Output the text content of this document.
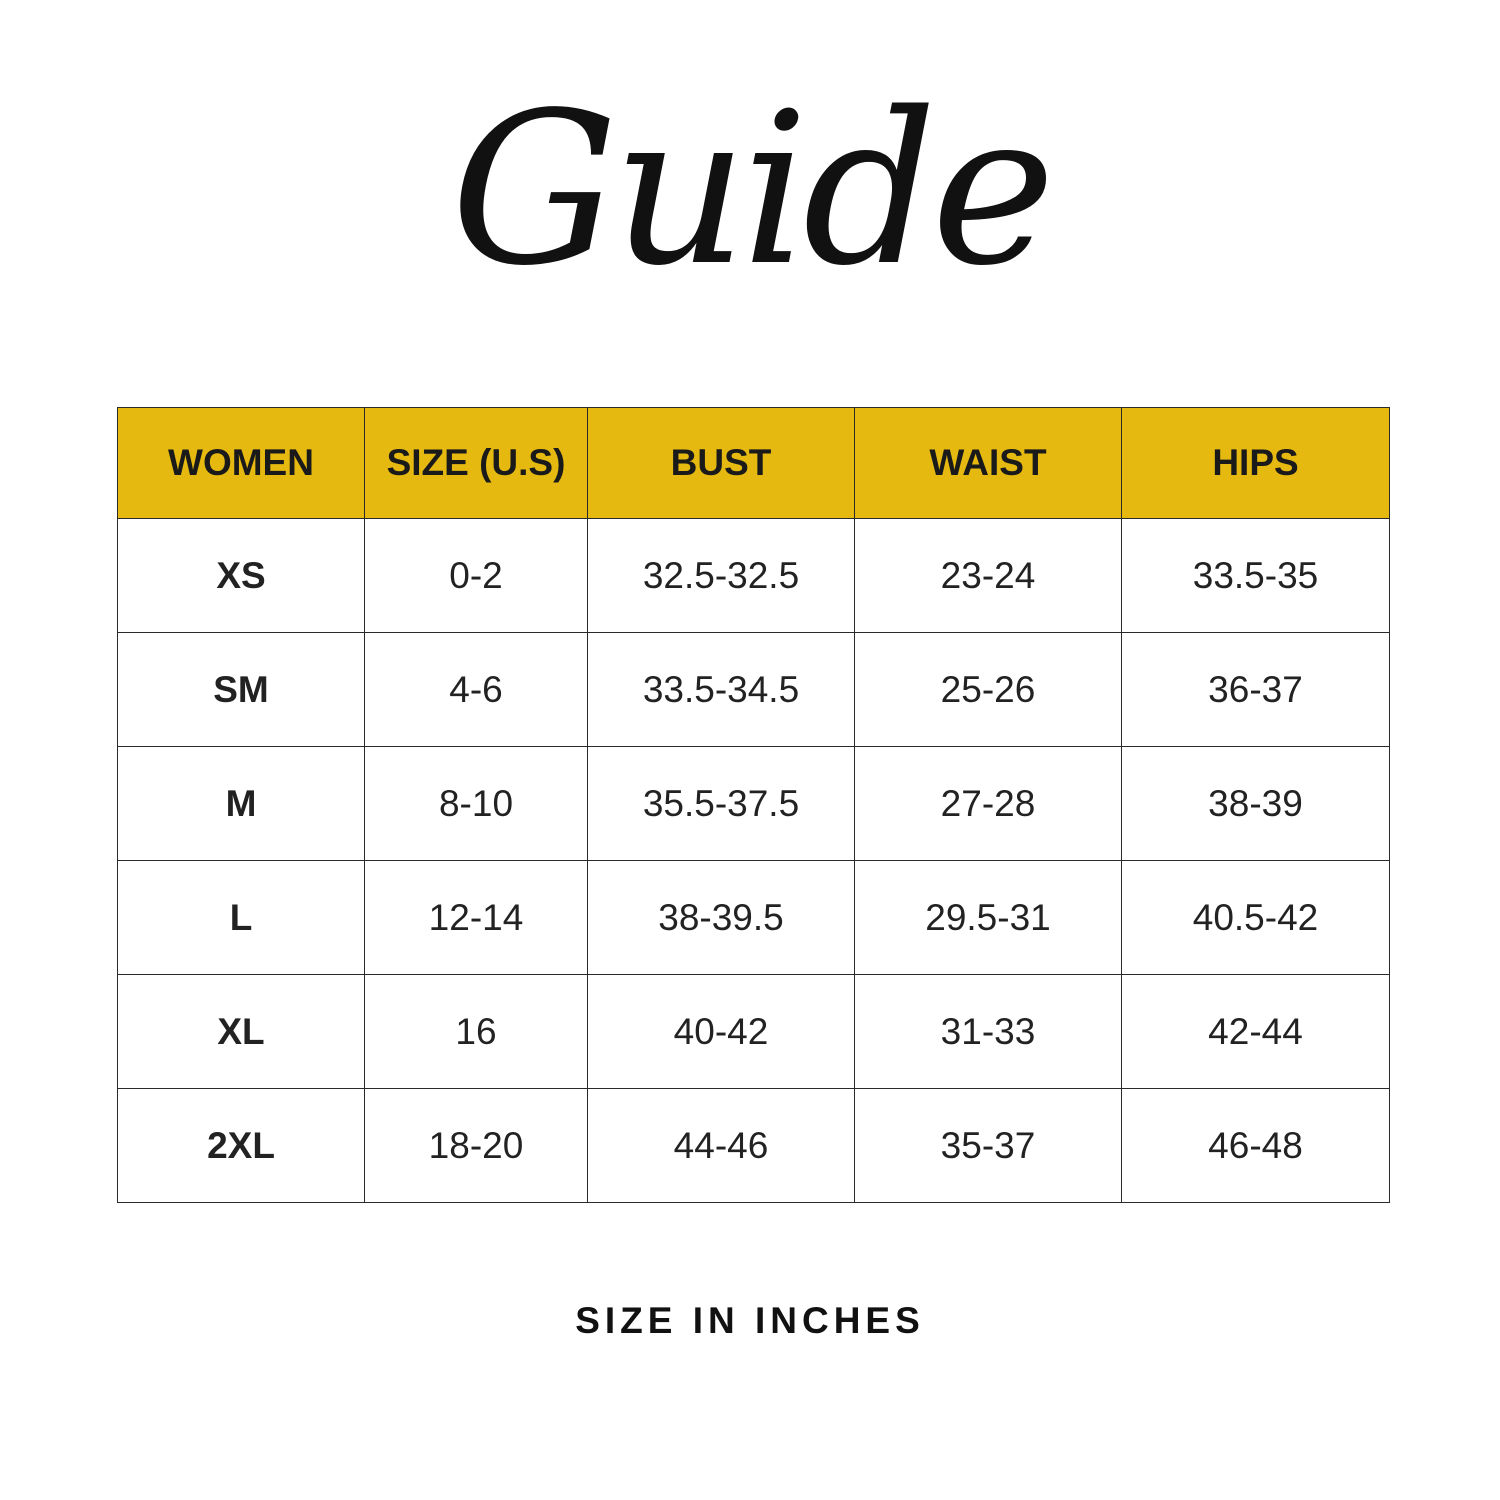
Guide
WOMEN	SIZE (U.S)	BUST	WAIST	HIPS
XS	0-2	32.5-32.5	23-24	33.5-35
SM	4-6	33.5-34.5	25-26	36-37
M	8-10	35.5-37.5	27-28	38-39
L	12-14	38-39.5	29.5-31	40.5-42
XL	16	40-42	31-33	42-44
2XL	18-20	44-46	35-37	46-48
SIZE IN INCHES
